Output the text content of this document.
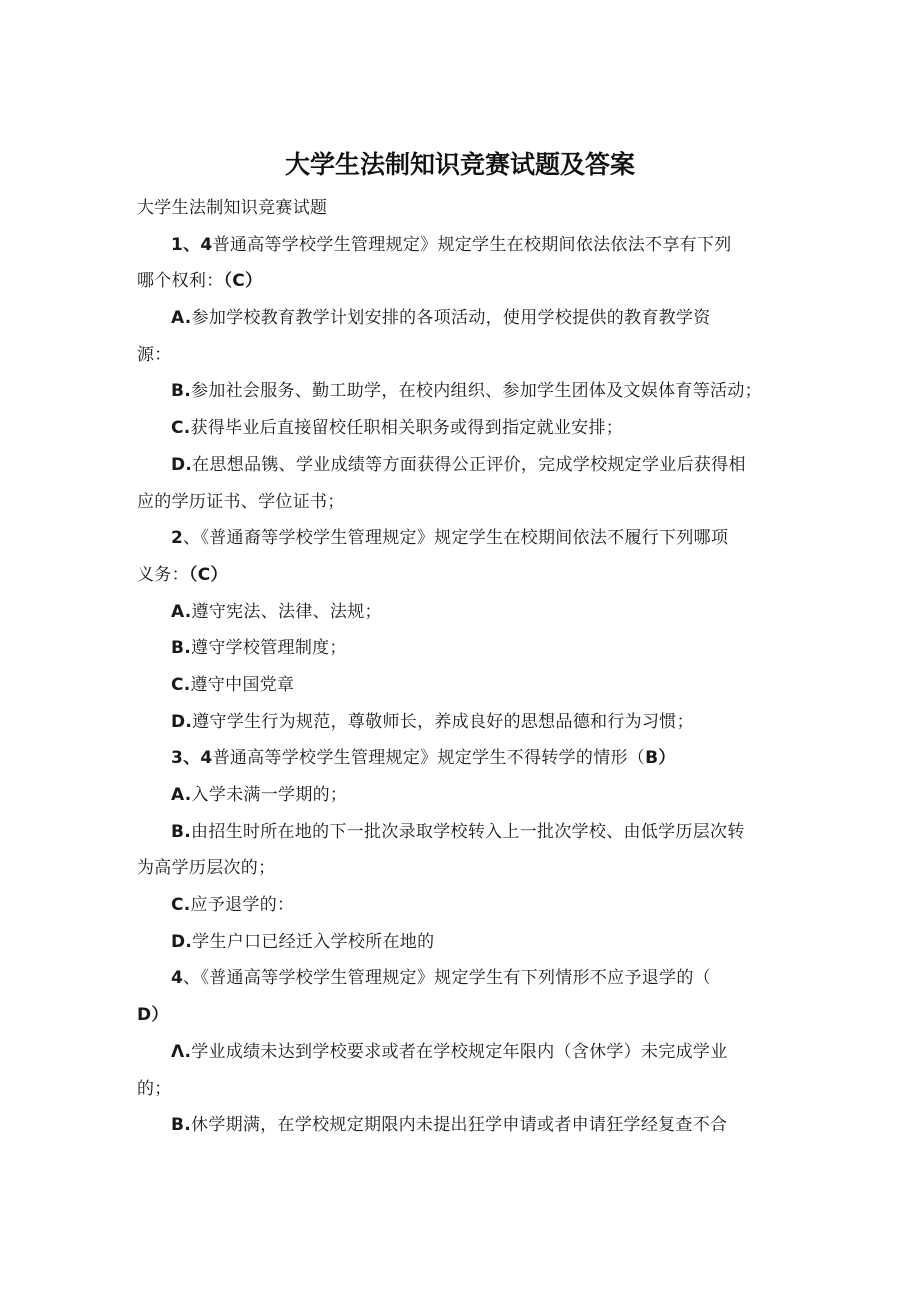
大学生法制知识竞赛试题及答案
大学生法制知识竞赛试题
1、4普通高等学校学生管理规定》规定学生在校期间依法依法不享有下列
哪个权利：（C）
A.参加学校教育教学计划安排的各项活动，使用学校提供的教育教学资
源：
B.参加社会服务、勤工助学，在校内组织、参加学生团体及文娱体育等活动；
C.获得毕业后直接留校任职相关职务或得到指定就业安排；
D.在思想品镌、学业成绩等方面获得公正评价，完成学校规定学业后获得相
应的学历证书、学位证书；
2、《普通裔等学校学生管理规定》规定学生在校期间依法不履行下列哪项
义务：（C）
A.遵守宪法、法律、法规；
B.遵守学校管理制度；
C.遵守中国党章
D.遵守学生行为规范，尊敬师长，养成良好的思想品德和行为习惯；
3、4普通高等学校学生管理规定》规定学生不得转学的情形（B）
A.入学未满一学期的；
B.由招生时所在地的下一批次录取学校转入上一批次学校、由低学历层次转
为高学历层次的；
C.应予退学的：
D.学生户口已经迁入学校所在地的
4、《普通高等学校学生管理规定》规定学生有下列情形不应予退学的（
D）
Λ.学业成绩未达到学校要求或者在学校规定年限内（含休学）未完成学业
的；
B.休学期满，在学校规定期限内未提出狂学申请或者申请狂学经复查不合
